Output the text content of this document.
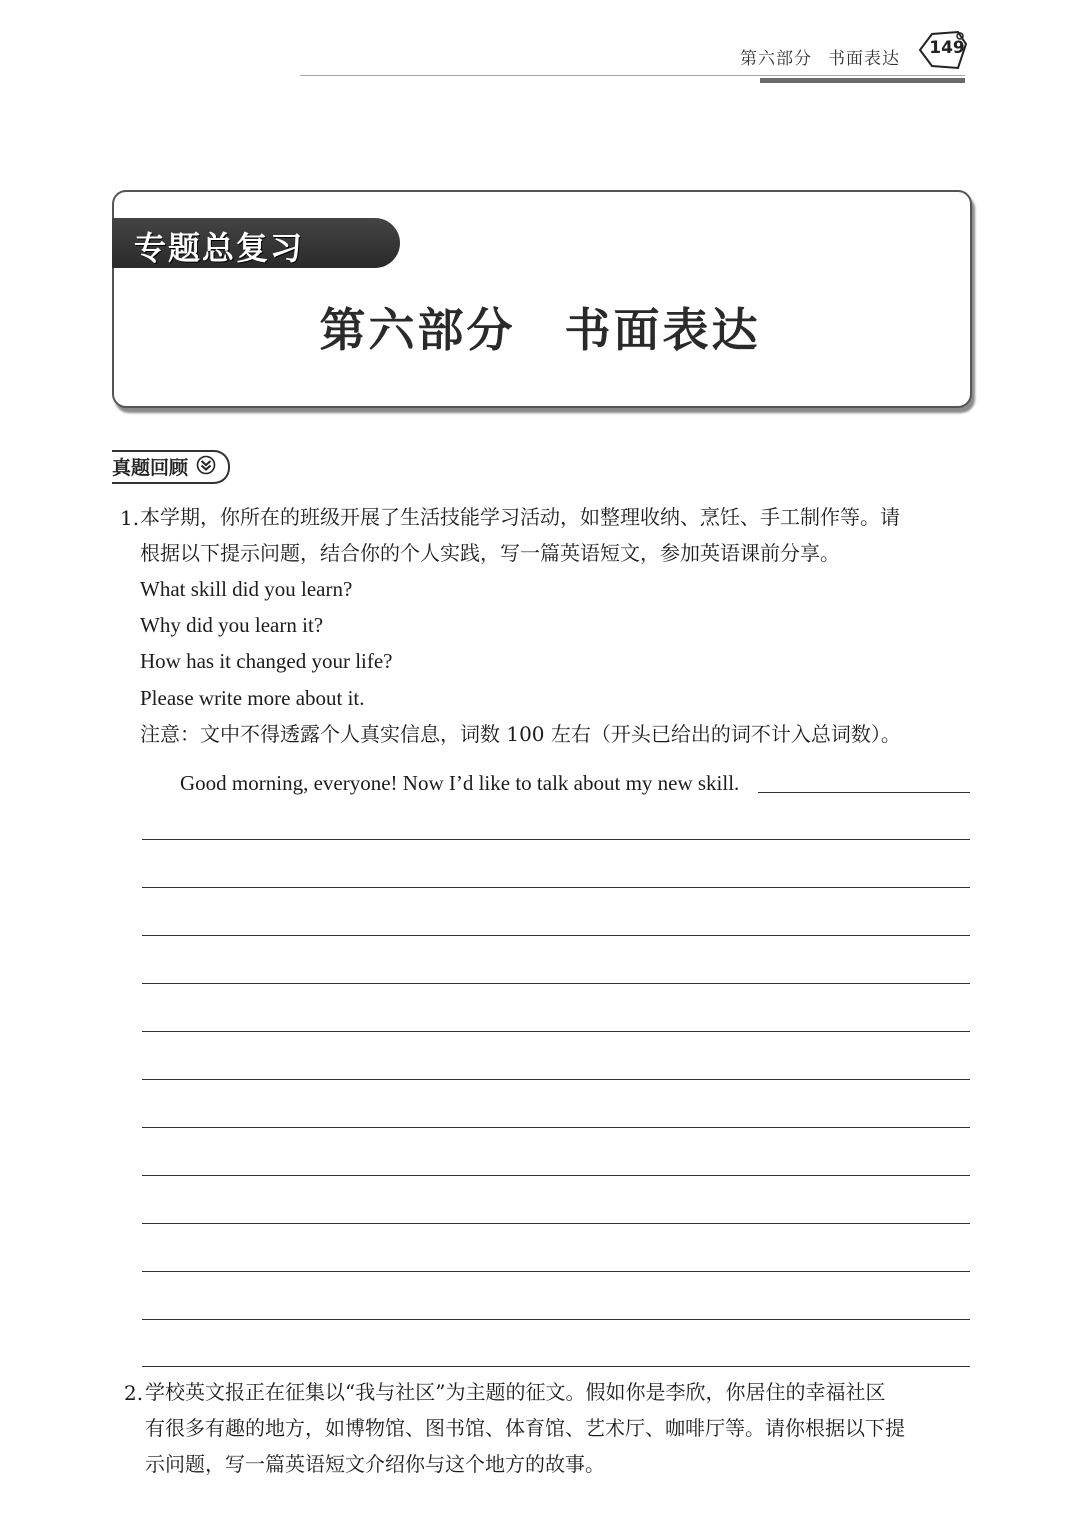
第六部分 书面表达
149
专题总复习
第六部分　书面表达
真题回顾
1. 本学期，你所在的班级开展了生活技能学习活动，如整理收纳、烹饪、手工制作等。请
根据以下提示问题，结合你的个人实践，写一篇英语短文，参加英语课前分享。
What skill did you learn?
Why did you learn it?
How has it changed your life?
Please write more about it.
注意：文中不得透露个人真实信息，词数 100 左右（开头已给出的词不计入总词数）。
Good morning, everyone! Now I’d like to talk about my new skill.
2. 学校英文报正在征集以“我与社区”为主题的征文。假如你是李欣，你居住的幸福社区
有很多有趣的地方，如博物馆、图书馆、体育馆、艺术厅、咖啡厅等。请你根据以下提
示问题，写一篇英语短文介绍你与这个地方的故事。
